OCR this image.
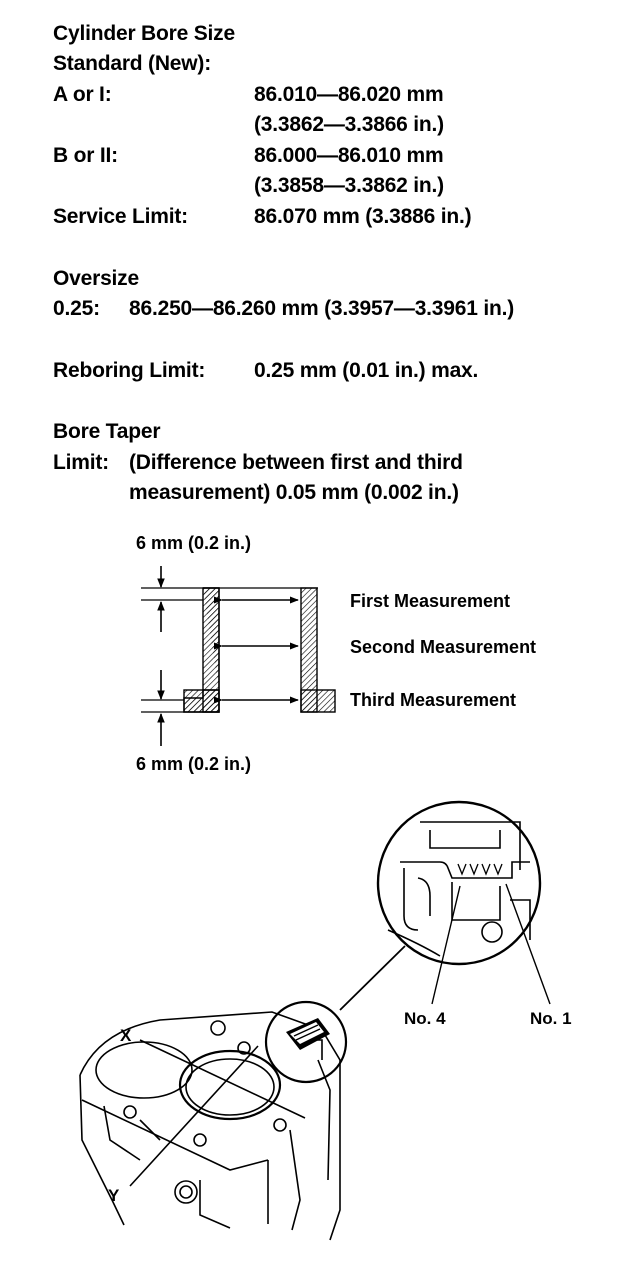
Cylinder Bore Size
Standard (New):
A or I:	86.010—86.020 mm
(3.3862—3.3866 in.)
B or II:	86.000—86.010 mm
(3.3858—3.3862 in.)
Service Limit:	86.070 mm (3.3886 in.)
Oversize
0.25: 86.250—86.260 mm (3.3957—3.3961 in.)
Reboring Limit: 0.25 mm (0.01 in.) max.
Bore Taper
Limit: (Difference between first and third
measurement) 0.05 mm (0.002 in.)
6 mm (0.2 in.)
6 mm (0.2 in.)
First Measurement
Second Measurement
Third Measurement
X
Y
No. 4	No. 1
